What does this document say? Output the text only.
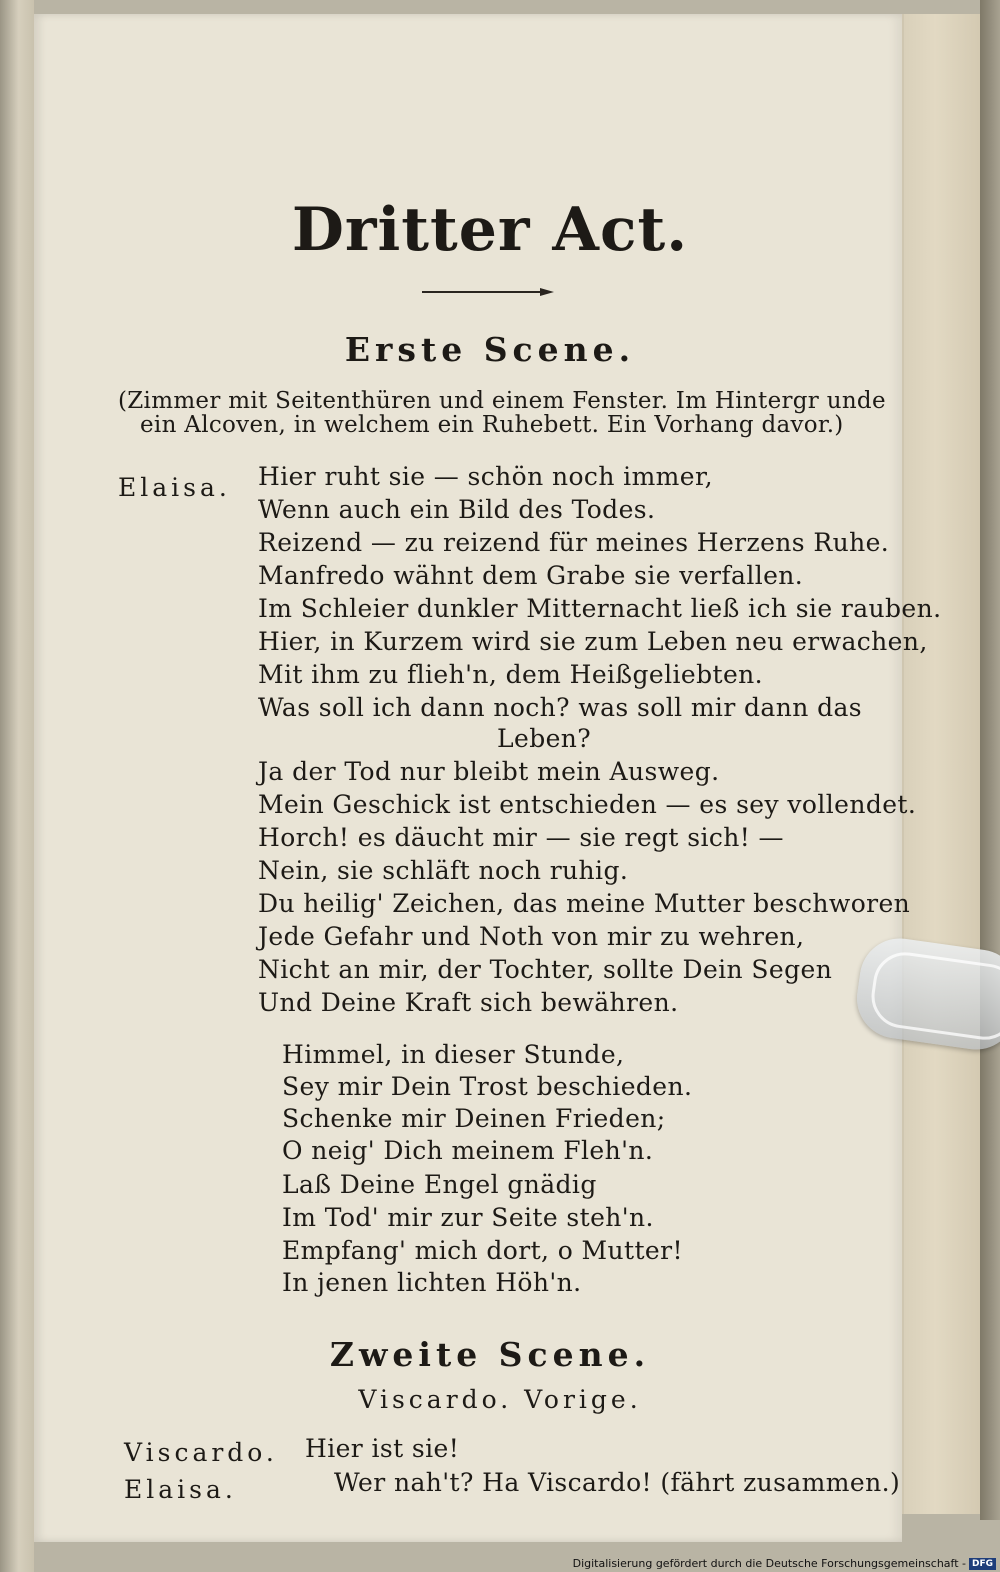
Dritter Act.
Erste Scene.
(Zimmer mit Seitenthüren und einem Fenster. Im Hintergr unde
ein Alcoven, in welchem ein Ruhebett. Ein Vorhang davor.)
Elaisa. Hier ruht sie — schön noch immer,
Wenn auch ein Bild des Todes.
Reizend — zu reizend für meines Herzens Ruhe.
Manfredo wähnt dem Grabe sie verfallen.
Im Schleier dunkler Mitternacht ließ ich sie rauben.
Hier, in Kurzem wird sie zum Leben neu erwachen,
Mit ihm zu flieh'n, dem Heißgeliebten.
Was soll ich dann noch? was soll mir dann das
Leben?
Ja der Tod nur bleibt mein Ausweg.
Mein Geschick ist entschieden — es sey vollendet.
Horch! es däucht mir — sie regt sich! —
Nein, sie schläft noch ruhig.
Du heilig' Zeichen, das meine Mutter beschworen
Jede Gefahr und Noth von mir zu wehren,
Nicht an mir, der Tochter, sollte Dein Segen
Und Deine Kraft sich bewähren.
Himmel, in dieser Stunde,
Sey mir Dein Trost beschieden.
Schenke mir Deinen Frieden;
O neig' Dich meinem Fleh'n.
Laß Deine Engel gnädig
Im Tod' mir zur Seite steh'n.
Empfang' mich dort, o Mutter!
In jenen lichten Höh'n.
Zweite Scene.
Viscardo. Vorige.
Viscardo. Hier ist sie!
Elaisa.	Wer nah't? Ha Viscardo! (fährt zusammen.)
Digitalisierung gefördert durch die Deutsche Forschungsgemeinschaft - DFG
